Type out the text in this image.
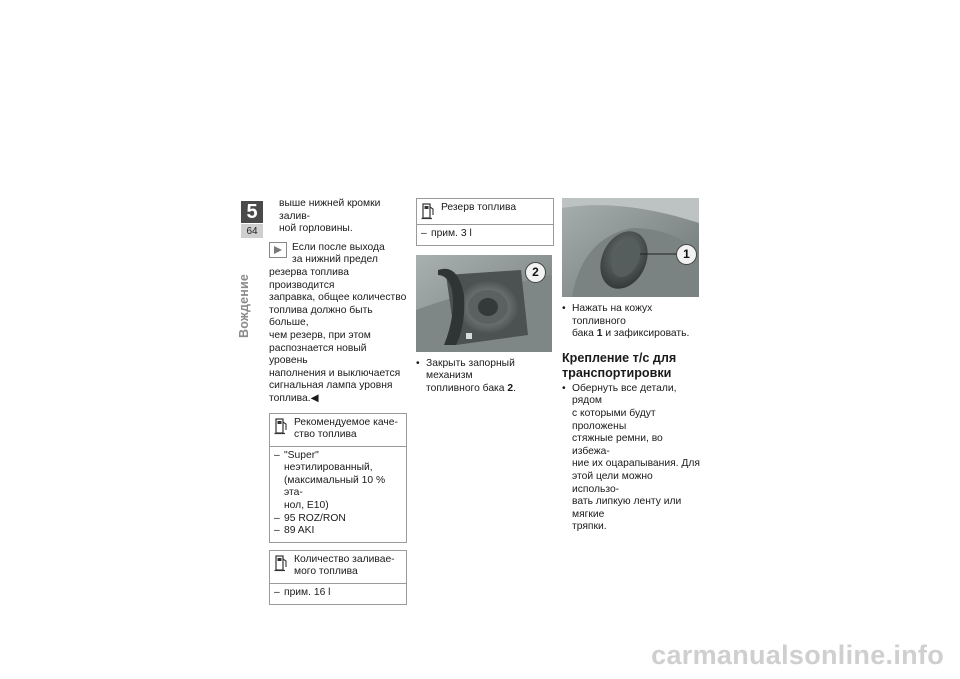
5
64
Вождение

выше нижней кромки залив-

ной горловины.

Если после выхода

за нижний предел

резерва топлива производится

заправка, общее количество

топлива должно быть больше,

чем резерв, при этом

распознается новый уровень

наполнения и выключается

сигнальная лампа уровня

топлива.◀

Рекомендуемое каче-

ство топлива

– "Super" неэтилированный,

(максимальный 10 % эта-

нол, E10)

– 95 ROZ/RON

– 89 AKI

Количество заливае-

мого топлива

– прим. 16 l

Резерв топлива

– прим. 3 l

2
• Закрыть запорный механизм

топливного бака 2.

1
• Нажать на кожух топливного

бака 1 и зафиксировать.

Крепление т/с для
транспортировки
• Обернуть все детали, рядом

с которыми будут проложены

стяжные ремни, во избежа-

ние их оцарапывания. Для

этой цели можно использо-

вать липкую ленту или мягкие

тряпки.

carmanualsonline.info
